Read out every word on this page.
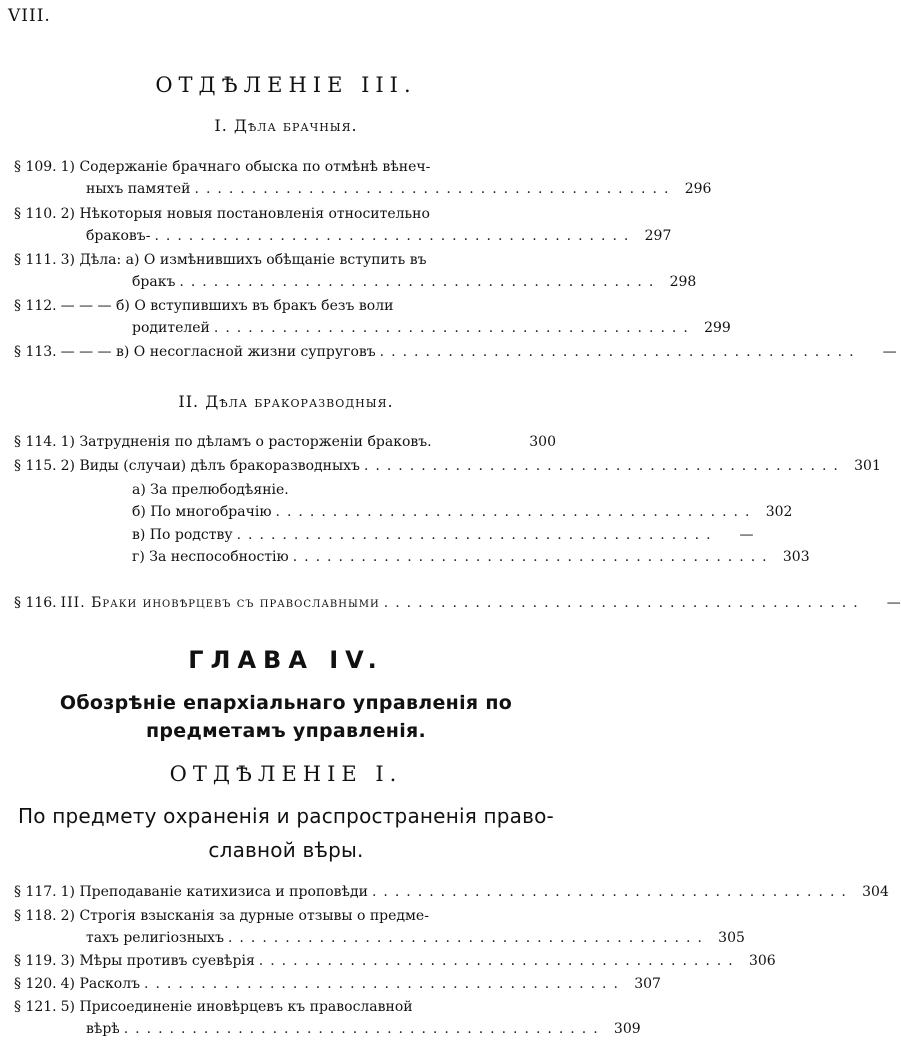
VIII.
ОТДѢЛЕНІЕ III.
I. Дѣла брачныя.
§ 109. 1) Содержаніе брачнаго обыска по отмѣнѣ вѣнеч-
ныхъ памятей .......................................... 296
§ 110. 2) Нѣкоторыя новыя постановленія относительно
браковъ- .......................................... 297
§ 111. 3) Дѣла: а) О измѣнившихъ обѣщаніе вступить въ
бракъ .......................................... 298
§ 112. — — — б) О вступившихъ въ бракъ безъ воли
родителей .......................................... 299
§ 113. — — — в) О несогласной жизни супруговъ ..........................................	—
II. Дѣла бракоразводныя.
§ 114. 1) Затрудненія по дѣламъ о расторженіи браковъ.	300
§ 115. 2) Виды (случаи) дѣлъ бракоразводныхъ .......................................... 301
а) За прелюбодѣяніе.
б) По многобрачію .......................................... 302
в) По родству ..........................................	—
г) За неспособностію .......................................... 303
§ 116. III. Браки иновѣрцевъ съ православными ..........................................	—
ГЛАВА IV.
Обозрѣніе епархіальнаго управленія по
предметамъ управленія.
ОТДѢЛЕНІЕ I.
По предмету охраненія и распространенія право-
славной вѣры.
§ 117. 1) Преподаваніе катихизиса и проповѣди .......................................... 304
§ 118. 2) Строгія взысканія за дурные отзывы о предме-
тахъ религіозныхъ .......................................... 305
§ 119. 3) Мѣры противъ суевѣрія .......................................... 306
§ 120. 4) Расколъ .......................................... 307
§ 121. 5) Присоединеніе иновѣрцевъ къ православной
вѣрѣ .......................................... 309
